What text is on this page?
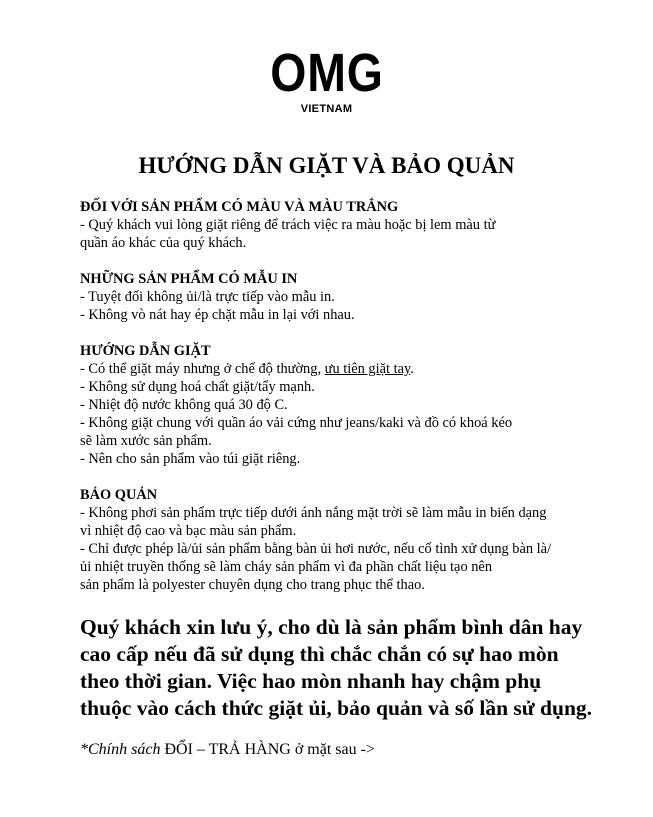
OMG
VIETNAM
HƯỚNG DẪN GIẶT VÀ BẢO QUẢN
ĐỐI VỚI SẢN PHẨM CÓ MÀU VÀ MÀU TRẮNG
- Quý khách vui lòng giặt riêng để trách việc ra màu hoặc bị lem màu từ
quần áo khác của quý khách.
NHỮNG SẢN PHẨM CÓ MẪU IN
- Tuyệt đối không ủi/là trực tiếp vào mẫu in.
- Không vò nát hay ép chặt mẫu in lại với nhau.
HƯỚNG DẪN GIẶT
- Có thể giặt máy nhưng ở chế độ thường, ưu tiên giặt tay.
- Không sử dụng hoá chất giặt/tẩy mạnh.
- Nhiệt độ nước không quá 30 độ C.
- Không giặt chung với quần áo vải cứng như jeans/kaki và đồ có khoá kéo
sẽ làm xước sản phẩm.
- Nên cho sản phẩm vào túi giặt riêng.
BẢO QUẢN
- Không phơi sản phẩm trực tiếp dưới ánh nắng mặt trời sẽ làm mẫu in biến dạng
vì nhiệt độ cao và bạc màu sản phẩm.
- Chỉ được phép là/ủi sản phẩm bằng bàn ủi hơi nước, nếu cố tình xử dụng bàn là/
ủi nhiệt truyền thống sẽ làm cháy sản phẩm vì đa phần chất liệu tạo nên
sản phẩm là polyester chuyên dụng cho trang phục thể thao.
Quý khách xin lưu ý, cho dù là sản phẩm bình dân hay
cao cấp nếu đã sử dụng thì chắc chắn có sự hao mòn
theo thời gian. Việc hao mòn nhanh hay chậm phụ
thuộc vào cách thức giặt ủi, bảo quản và số lần sử dụng.
*Chính sách ĐỔI – TRẢ HÀNG ở mặt sau ->
